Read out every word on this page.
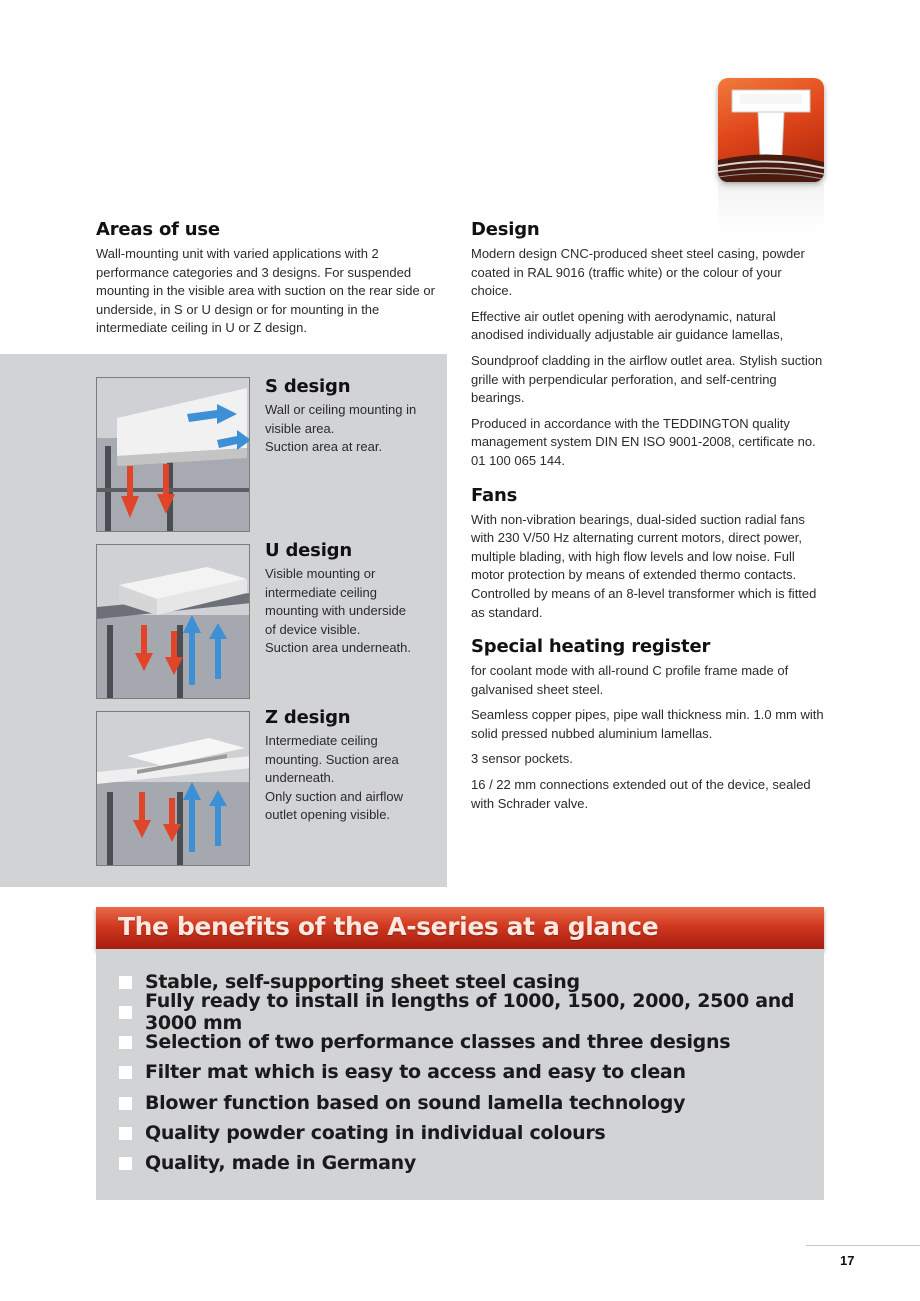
Areas of use

Wall-mounting unit with varied applications with 2 performance categories and 3 designs. For suspended mounting in the visible area with suction on the rear side or underside, in S or U design or for mounting in the intermediate ceiling in U or Z design.

S design

Wall or ceiling mounting in

visible area.

Suction area at rear.

U design

Visible mounting or

intermediate ceiling

mounting with underside

of device visible.

Suction area underneath.

Z design

Intermediate ceiling

mounting. Suction area

underneath.

Only suction and airflow

outlet opening visible.

Design

Modern design CNC-produced sheet steel casing, powder coated in RAL 9016 (traffic white) or the colour of your choice.

Effective air outlet opening with aerodynamic, natural anodised individually adjustable air guidance lamellas,

Soundproof cladding in the airflow outlet area. Stylish suction grille with perpendicular perforation, and self-centring bearings.

Produced in accordance with the TEDDINGTON quality management system DIN EN ISO 9001-2008, certificate no. 01 100 065 144.

Fans

With non-vibration bearings, dual-sided suction radial fans with 230 V/50 Hz alternating current motors, direct power, multiple blading, with high flow levels and low noise. Full motor protection by means of extended thermo contacts. Controlled by means of an 8-level transformer which is fitted as standard.

Special heating register

for coolant mode with all-round C profile frame made of galvanised sheet steel.

Seamless copper pipes, pipe wall thickness min. 1.0 mm with solid pressed nubbed aluminium lamellas.

3 sensor pockets.

16 / 22 mm connections extended out of the device, sealed with Schrader valve.

The benefits of the A-series at a glance
Stable, self-supporting sheet steel casing
Fully ready to install in lengths of 1000, 1500, 2000, 2500 and 3000 mm
Selection of two performance classes and three designs
Filter mat which is easy to access and easy to clean
Blower function based on sound lamella technology
Quality powder coating in individual colours
Quality, made in Germany
17
